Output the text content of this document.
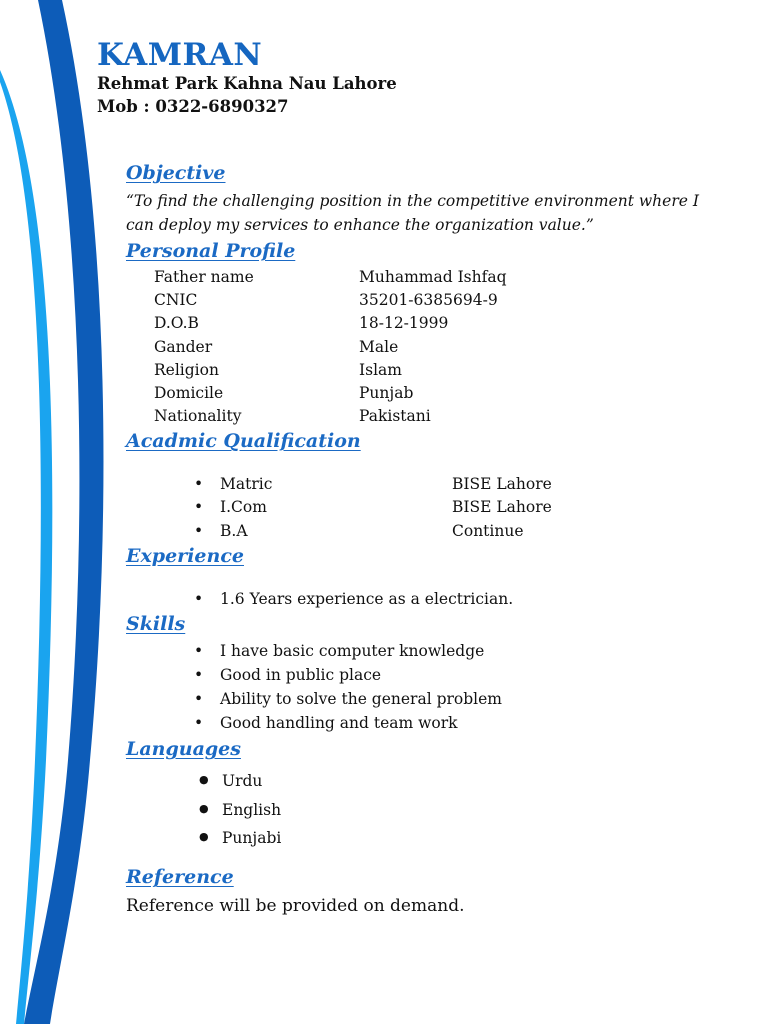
KAMRAN
Rehmat Park Kahna Nau Lahore
Mob : 0322-6890327
Objective
“To find the challenging position in the competitive environment where I can deploy my services to enhance the organization value.”
Personal Profile
Father name	Muhammad Ishfaq
CNIC	35201-6385694-9
D.O.B	18-12-1999
Gander	Male
Religion	Islam
Domicile	Punjab
Nationality	Pakistani
Acadmic Qualification
• Matric	BISE Lahore
• I.Com	BISE Lahore
• B.A	Continue
Experience
• 1.6 Years experience as a electrician.
Skills
• I have basic computer knowledge
• Good in public place
• Ability to solve the general problem
• Good handling and team work
Languages
● Urdu
● English
● Punjabi
Reference
Reference will be provided on demand.
